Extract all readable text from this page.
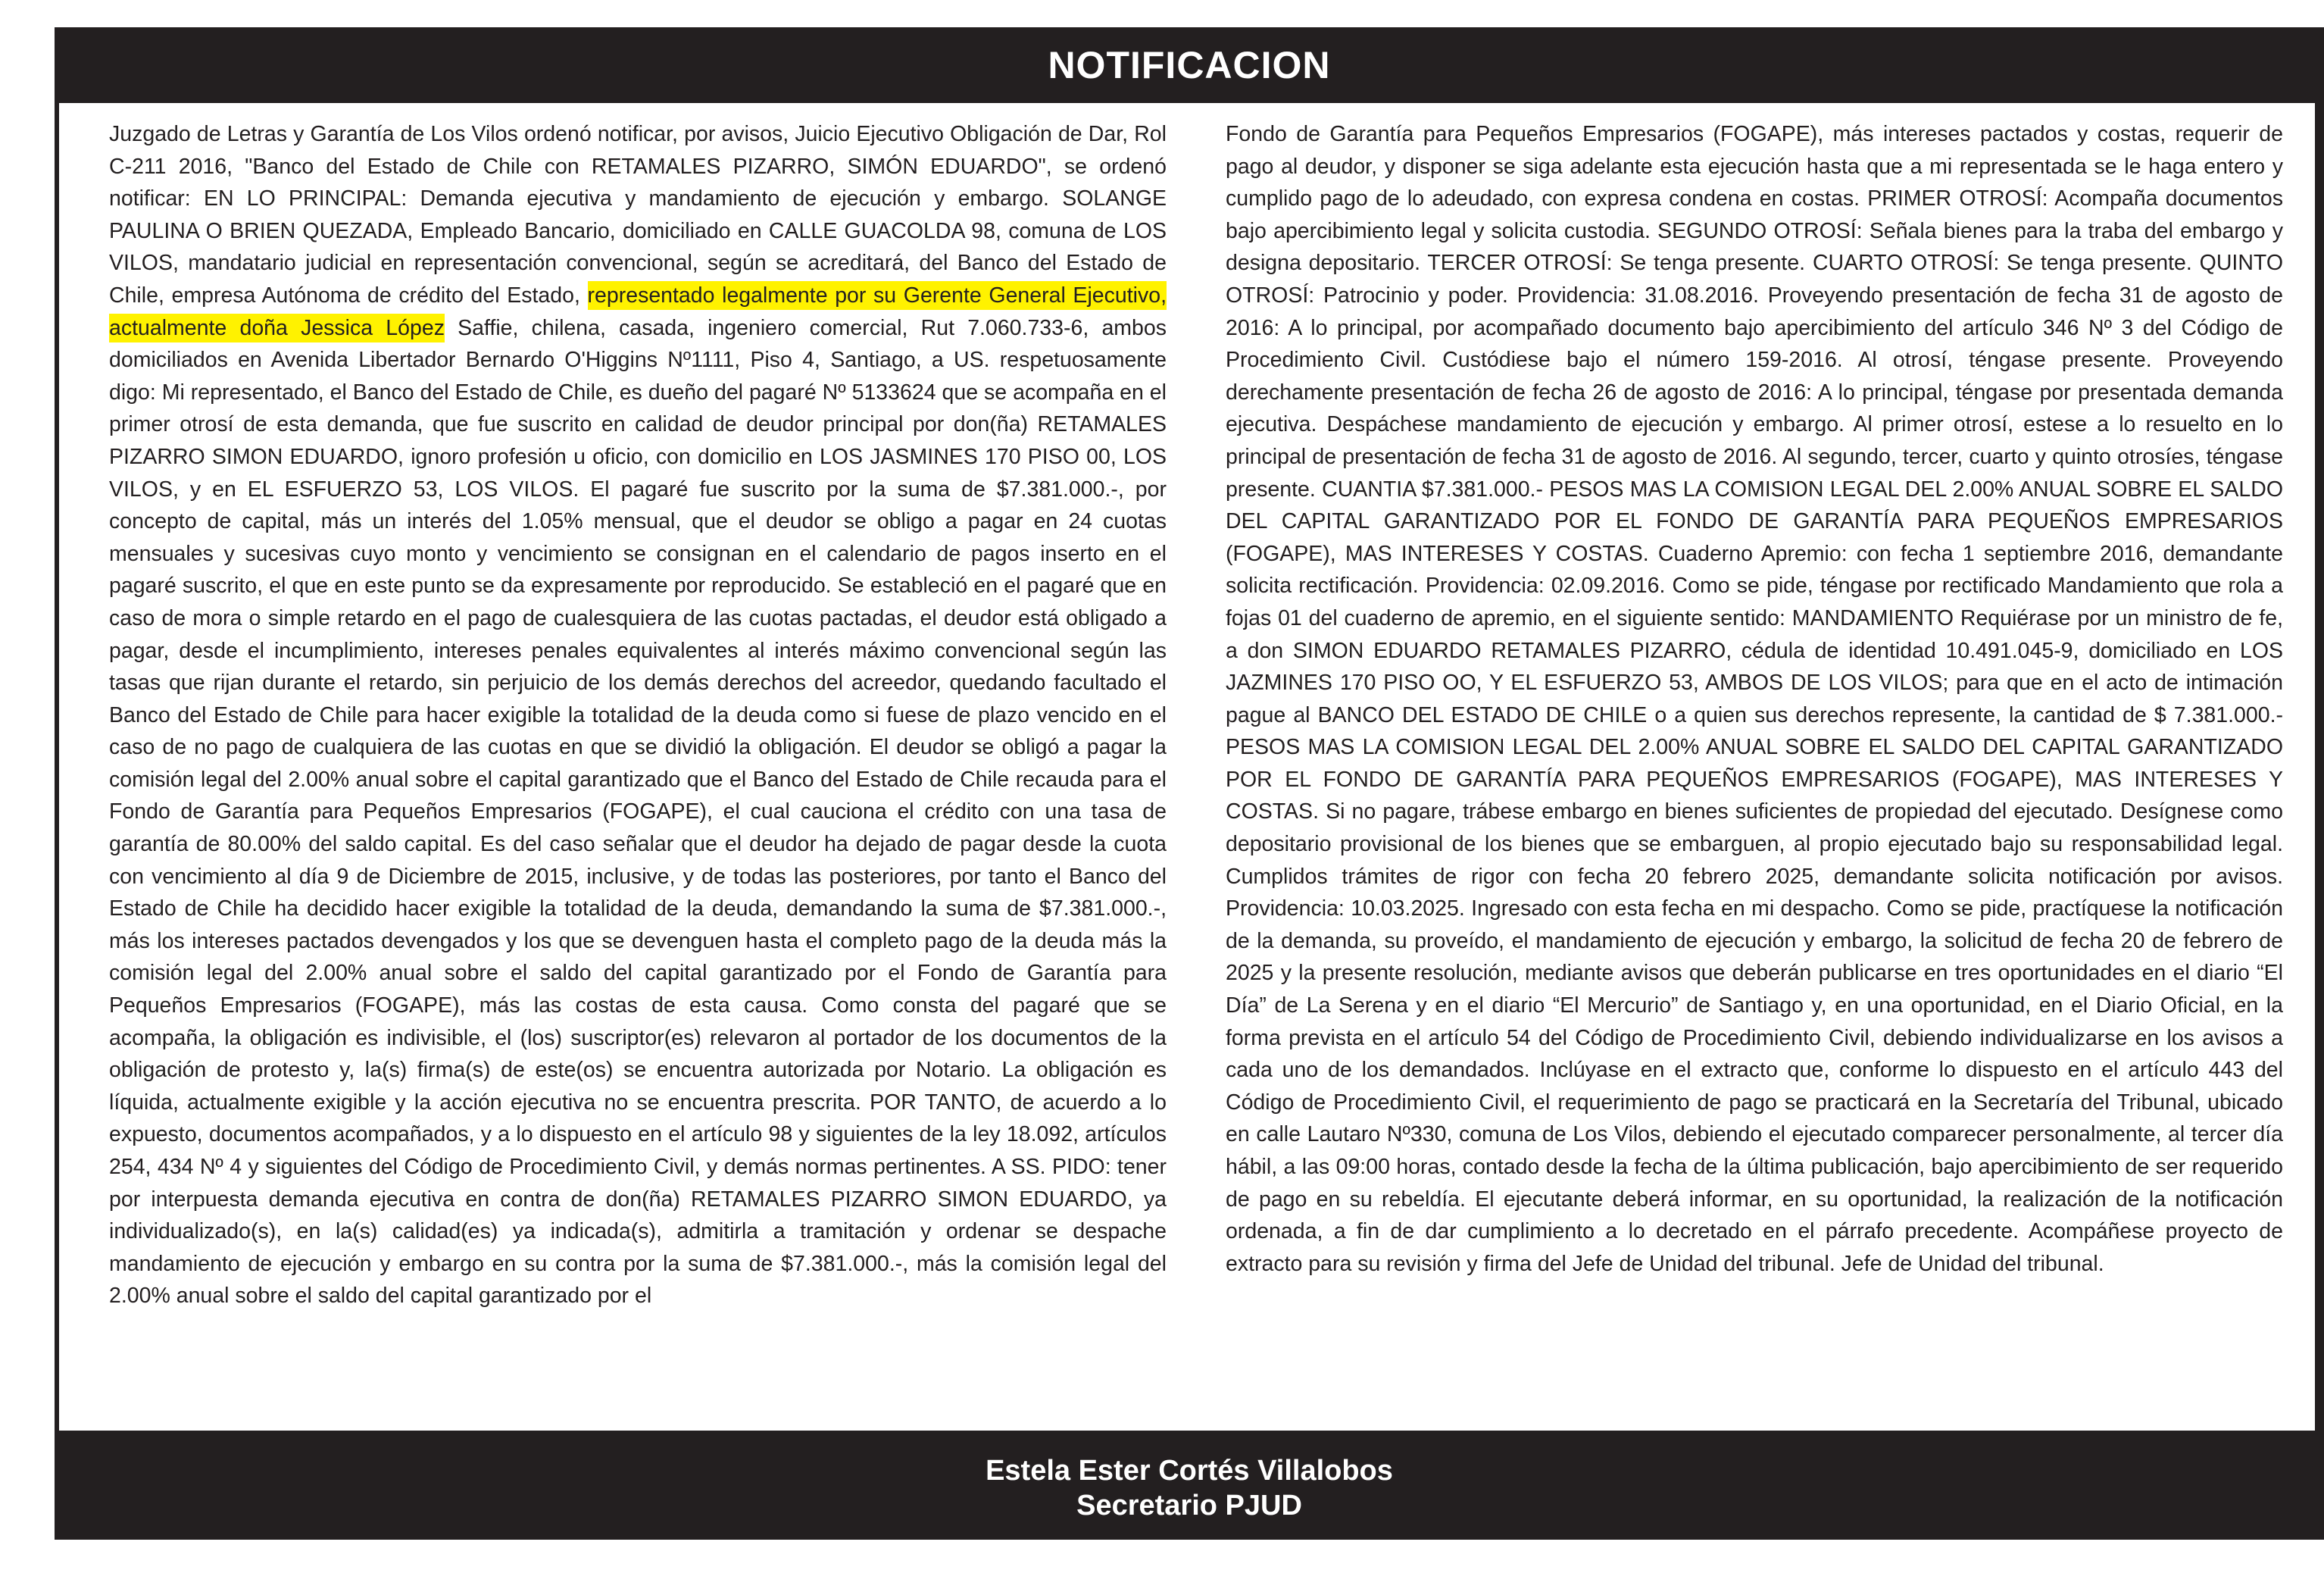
NOTIFICACION

Juzgado de Letras y Garantía de Los Vilos ordenó notificar, por avisos, Juicio Ejecutivo Obligación de Dar, Rol C-211 2016, "Banco del Estado de Chile con RETAMALES PIZARRO, SIMÓN EDUARDO", se ordenó notificar: EN LO PRINCIPAL: Demanda ejecutiva y mandamiento de ejecución y embargo. SOLANGE PAULINA O BRIEN QUEZADA, Empleado Bancario, domiciliado en CALLE GUACOLDA 98, comuna de LOS VILOS, mandatario judicial en representación convencional, según se acreditará, del Banco del Estado de Chile, empresa Autónoma de crédito del Estado, representado legalmente por su Gerente General Ejecutivo, actualmente doña Jessica López Saffie, chilena, casada, ingeniero comercial, Rut 7.060.733-6, ambos domiciliados en Avenida Libertador Bernardo O'Higgins Nº1111, Piso 4, Santiago, a US. respetuosamente digo: Mi representado, el Banco del Estado de Chile, es dueño del pagaré Nº 5133624 que se acompaña en el primer otrosí de esta demanda, que fue suscrito en calidad de deudor principal por don(ña) RETAMALES PIZARRO SIMON EDUARDO, ignoro profesión u oficio, con domicilio en LOS JASMINES 170 PISO 00, LOS VILOS, y en EL ESFUERZO 53, LOS VILOS. El pagaré fue suscrito por la suma de $7.381.000.-, por concepto de capital, más un interés del 1.05% mensual, que el deudor se obligo a pagar en 24 cuotas mensuales y sucesivas cuyo monto y vencimiento se consignan en el calendario de pagos inserto en el pagaré suscrito, el que en este punto se da expresamente por reproducido. Se estableció en el pagaré que en caso de mora o simple retardo en el pago de cualesquiera de las cuotas pactadas, el deudor está obligado a pagar, desde el incumplimiento, intereses penales equivalentes al interés máximo convencional según las tasas que rijan durante el retardo, sin perjuicio de los demás derechos del acreedor, quedando facultado el Banco del Estado de Chile para hacer exigible la totalidad de la deuda como si fuese de plazo vencido en el caso de no pago de cualquiera de las cuotas en que se dividió la obligación. El deudor se obligó a pagar la comisión legal del 2.00% anual sobre el capital garantizado que el Banco del Estado de Chile recauda para el Fondo de Garantía para Pequeños Empresarios (FOGAPE), el cual cauciona el crédito con una tasa de garantía de 80.00% del saldo capital. Es del caso señalar que el deudor ha dejado de pagar desde la cuota con vencimiento al día 9 de Diciembre de 2015, inclusive, y de todas las posteriores, por tanto el Banco del Estado de Chile ha decidido hacer exigible la totalidad de la deuda, demandando la suma de $7.381.000.-, más los intereses pactados devengados y los que se devenguen hasta el completo pago de la deuda más la comisión legal del 2.00% anual sobre el saldo del capital garantizado por el Fondo de Garantía para Pequeños Empresarios (FOGAPE), más las costas de esta causa. Como consta del pagaré que se acompaña, la obligación es indivisible, el (los) suscriptor(es) relevaron al portador de los documentos de la obligación de protesto y, la(s) firma(s) de este(os) se encuentra autorizada por Notario. La obligación es líquida, actualmente exigible y la acción ejecutiva no se encuentra prescrita. POR TANTO, de acuerdo a lo expuesto, documentos acompañados, y a lo dispuesto en el artículo 98 y siguientes de la ley 18.092, artículos 254, 434 Nº 4 y siguientes del Código de Procedimiento Civil, y demás normas pertinentes. A SS. PIDO: tener por interpuesta demanda ejecutiva en contra de don(ña) RETAMALES PIZARRO SIMON EDUARDO, ya individualizado(s), en la(s) calidad(es) ya indicada(s), admitirla a tramitación y ordenar se despache mandamiento de ejecución y embargo en su contra por la suma de $7.381.000.-, más la comisión legal del 2.00% anual sobre el saldo del capital garantizado por el

Fondo de Garantía para Pequeños Empresarios (FOGAPE), más intereses pactados y costas, requerir de pago al deudor, y disponer se siga adelante esta ejecución hasta que a mi representada se le haga entero y cumplido pago de lo adeudado, con expresa condena en costas. PRIMER OTROSÍ: Acompaña documentos bajo apercibimiento legal y solicita custodia. SEGUNDO OTROSÍ: Señala bienes para la traba del embargo y designa depositario. TERCER OTROSÍ: Se tenga presente. CUARTO OTROSÍ: Se tenga presente. QUINTO OTROSÍ: Patrocinio y poder. Providencia: 31.08.2016. Proveyendo presentación de fecha 31 de agosto de 2016: A lo principal, por acompañado documento bajo apercibimiento del artículo 346 Nº 3 del Código de Procedimiento Civil. Custódiese bajo el número 159-2016. Al otrosí, téngase presente. Proveyendo derechamente presentación de fecha 26 de agosto de 2016: A lo principal, téngase por presentada demanda ejecutiva. Despáchese mandamiento de ejecución y embargo. Al primer otrosí, estese a lo resuelto en lo principal de presentación de fecha 31 de agosto de 2016. Al segundo, tercer, cuarto y quinto otrosíes, téngase presente. CUANTIA $7.381.000.- PESOS MAS LA COMISION LEGAL DEL 2.00% ANUAL SOBRE EL SALDO DEL CAPITAL GARANTIZADO POR EL FONDO DE GARANTÍA PARA PEQUEÑOS EMPRESARIOS (FOGAPE), MAS INTERESES Y COSTAS. Cuaderno Apremio: con fecha 1 septiembre 2016, demandante solicita rectificación. Providencia: 02.09.2016. Como se pide, téngase por rectificado Mandamiento que rola a fojas 01 del cuaderno de apremio, en el siguiente sentido: MANDAMIENTO Requiérase por un ministro de fe, a don SIMON EDUARDO RETAMALES PIZARRO, cédula de identidad 10.491.045-9, domiciliado en LOS JAZMINES 170 PISO OO, Y EL ESFUERZO 53, AMBOS DE LOS VILOS; para que en el acto de intimación pague al BANCO DEL ESTADO DE CHILE o a quien sus derechos represente, la cantidad de $ 7.381.000.- PESOS MAS LA COMISION LEGAL DEL 2.00% ANUAL SOBRE EL SALDO DEL CAPITAL GARANTIZADO POR EL FONDO DE GARANTÍA PARA PEQUEÑOS EMPRESARIOS (FOGAPE), MAS INTERESES Y COSTAS. Si no pagare, trábese embargo en bienes suficientes de propiedad del ejecutado. Desígnese como depositario provisional de los bienes que se embarguen, al propio ejecutado bajo su responsabilidad legal. Cumplidos trámites de rigor con fecha 20 febrero 2025, demandante solicita notificación por avisos. Providencia: 10.03.2025. Ingresado con esta fecha en mi despacho. Como se pide, practíquese la notificación de la demanda, su proveído, el mandamiento de ejecución y embargo, la solicitud de fecha 20 de febrero de 2025 y la presente resolución, mediante avisos que deberán publicarse en tres oportunidades en el diario “El Día” de La Serena y en el diario “El Mercurio” de Santiago y, en una oportunidad, en el Diario Oficial, en la forma prevista en el artículo 54 del Código de Procedimiento Civil, debiendo individualizarse en los avisos a cada uno de los demandados. Inclúyase en el extracto que, conforme lo dispuesto en el artículo 443 del Código de Procedimiento Civil, el requerimiento de pago se practicará en la Secretaría del Tribunal, ubicado en calle Lautaro Nº330, comuna de Los Vilos, debiendo el ejecutado comparecer personalmente, al tercer día hábil, a las 09:00 horas, contado desde la fecha de la última publicación, bajo apercibimiento de ser requerido de pago en su rebeldía. El ejecutante deberá informar, en su oportunidad, la realización de la notificación ordenada, a fin de dar cumplimiento a lo decretado en el párrafo precedente. Acompáñese proyecto de extracto para su revisión y firma del Jefe de Unidad del tribunal. Jefe de Unidad del tribunal.

Estela Ester Cortés Villalobos
Secretario PJUD
